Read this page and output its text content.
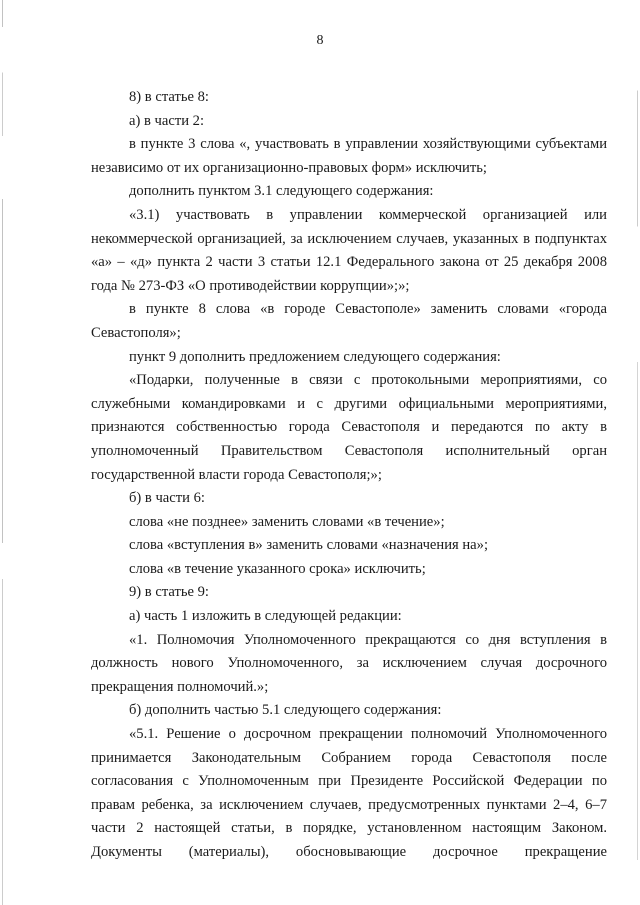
8

8) в статье 8:

а) в части 2:

в пункте 3 слова «, участвовать в управлении хозяйствующими субъектами независимо от их организационно-правовых форм» исключить;

дополнить пунктом 3.1 следующего содержания:

«3.1) участвовать в управлении коммерческой организацией или некоммерческой организацией, за исключением случаев, указанных в подпунктах «а» – «д» пункта 2 части 3 статьи 12.1 Федерального закона от 25 декабря 2008 года № 273-ФЗ «О противодействии коррупции»;»;

в пункте 8 слова «в городе Севастополе» заменить словами «города Севастополя»;

пункт 9 дополнить предложением следующего содержания:

«Подарки, полученные в связи с протокольными мероприятиями, со служебными командировками и с другими официальными мероприятиями, признаются собственностью города Севастополя и передаются по акту в уполномоченный Правительством Севастополя исполнительный орган государственной власти города Севастополя;»;

б) в части 6:

слова «не позднее» заменить словами «в течение»;

слова «вступления в» заменить словами «назначения на»;

слова «в течение указанного срока» исключить;

9) в статье 9:

а) часть 1 изложить в следующей редакции:

«1. Полномочия Уполномоченного прекращаются со дня вступления в должность нового Уполномоченного, за исключением случая досрочного прекращения полномочий.»;

б) дополнить частью 5.1 следующего содержания:

«5.1. Решение о досрочном прекращении полномочий Уполномоченного принимается Законодательным Собранием города Севастополя после согласования с Уполномоченным при Президенте Российской Федерации по правам ребенка, за исключением случаев, предусмотренных пунктами 2–4, 6–7 части 2 настоящей статьи, в порядке, установленном настоящим Законом. Документы (материалы), обосновывающие досрочное прекращение
